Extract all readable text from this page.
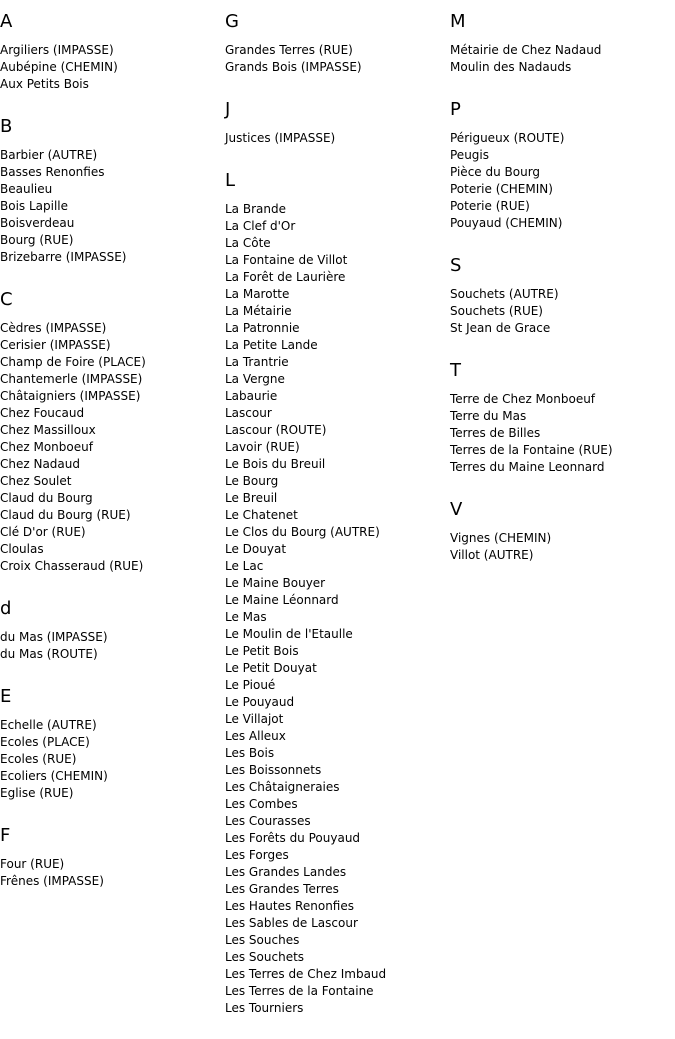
A
Argiliers (IMPASSE)
Aubépine (CHEMIN)
Aux Petits Bois
B
Barbier (AUTRE)
Basses Renonfies
Beaulieu
Bois Lapille
Boisverdeau
Bourg (RUE)
Brizebarre (IMPASSE)
C
Cèdres (IMPASSE)
Cerisier (IMPASSE)
Champ de Foire (PLACE)
Chantemerle (IMPASSE)
Châtaigniers (IMPASSE)
Chez Foucaud
Chez Massilloux
Chez Monboeuf
Chez Nadaud
Chez Soulet
Claud du Bourg
Claud du Bourg (RUE)
Clé D'or (RUE)
Cloulas
Croix Chasseraud (RUE)
d
du Mas (IMPASSE)
du Mas (ROUTE)
E
Echelle (AUTRE)
Ecoles (PLACE)
Ecoles (RUE)
Ecoliers (CHEMIN)
Eglise (RUE)
F
Four (RUE)
Frênes (IMPASSE)
G
Grandes Terres (RUE)
Grands Bois (IMPASSE)
J
Justices (IMPASSE)
L
La Brande
La Clef d'Or
La Côte
La Fontaine de Villot
La Forêt de Laurière
La Marotte
La Métairie
La Patronnie
La Petite Lande
La Trantrie
La Vergne
Labaurie
Lascour
Lascour (ROUTE)
Lavoir (RUE)
Le Bois du Breuil
Le Bourg
Le Breuil
Le Chatenet
Le Clos du Bourg (AUTRE)
Le Douyat
Le Lac
Le Maine Bouyer
Le Maine Léonnard
Le Mas
Le Moulin de l'Etaulle
Le Petit Bois
Le Petit Douyat
Le Pioué
Le Pouyaud
Le Villajot
Les Alleux
Les Bois
Les Boissonnets
Les Châtaigneraies
Les Combes
Les Courasses
Les Forêts du Pouyaud
Les Forges
Les Grandes Landes
Les Grandes Terres
Les Hautes Renonfies
Les Sables de Lascour
Les Souches
Les Souchets
Les Terres de Chez Imbaud
Les Terres de la Fontaine
Les Tourniers
M
Métairie de Chez Nadaud
Moulin des Nadauds
P
Périgueux (ROUTE)
Peugis
Pièce du Bourg
Poterie (CHEMIN)
Poterie (RUE)
Pouyaud (CHEMIN)
S
Souchets (AUTRE)
Souchets (RUE)
St Jean de Grace
T
Terre de Chez Monboeuf
Terre du Mas
Terres de Billes
Terres de la Fontaine (RUE)
Terres du Maine Leonnard
V
Vignes (CHEMIN)
Villot (AUTRE)
